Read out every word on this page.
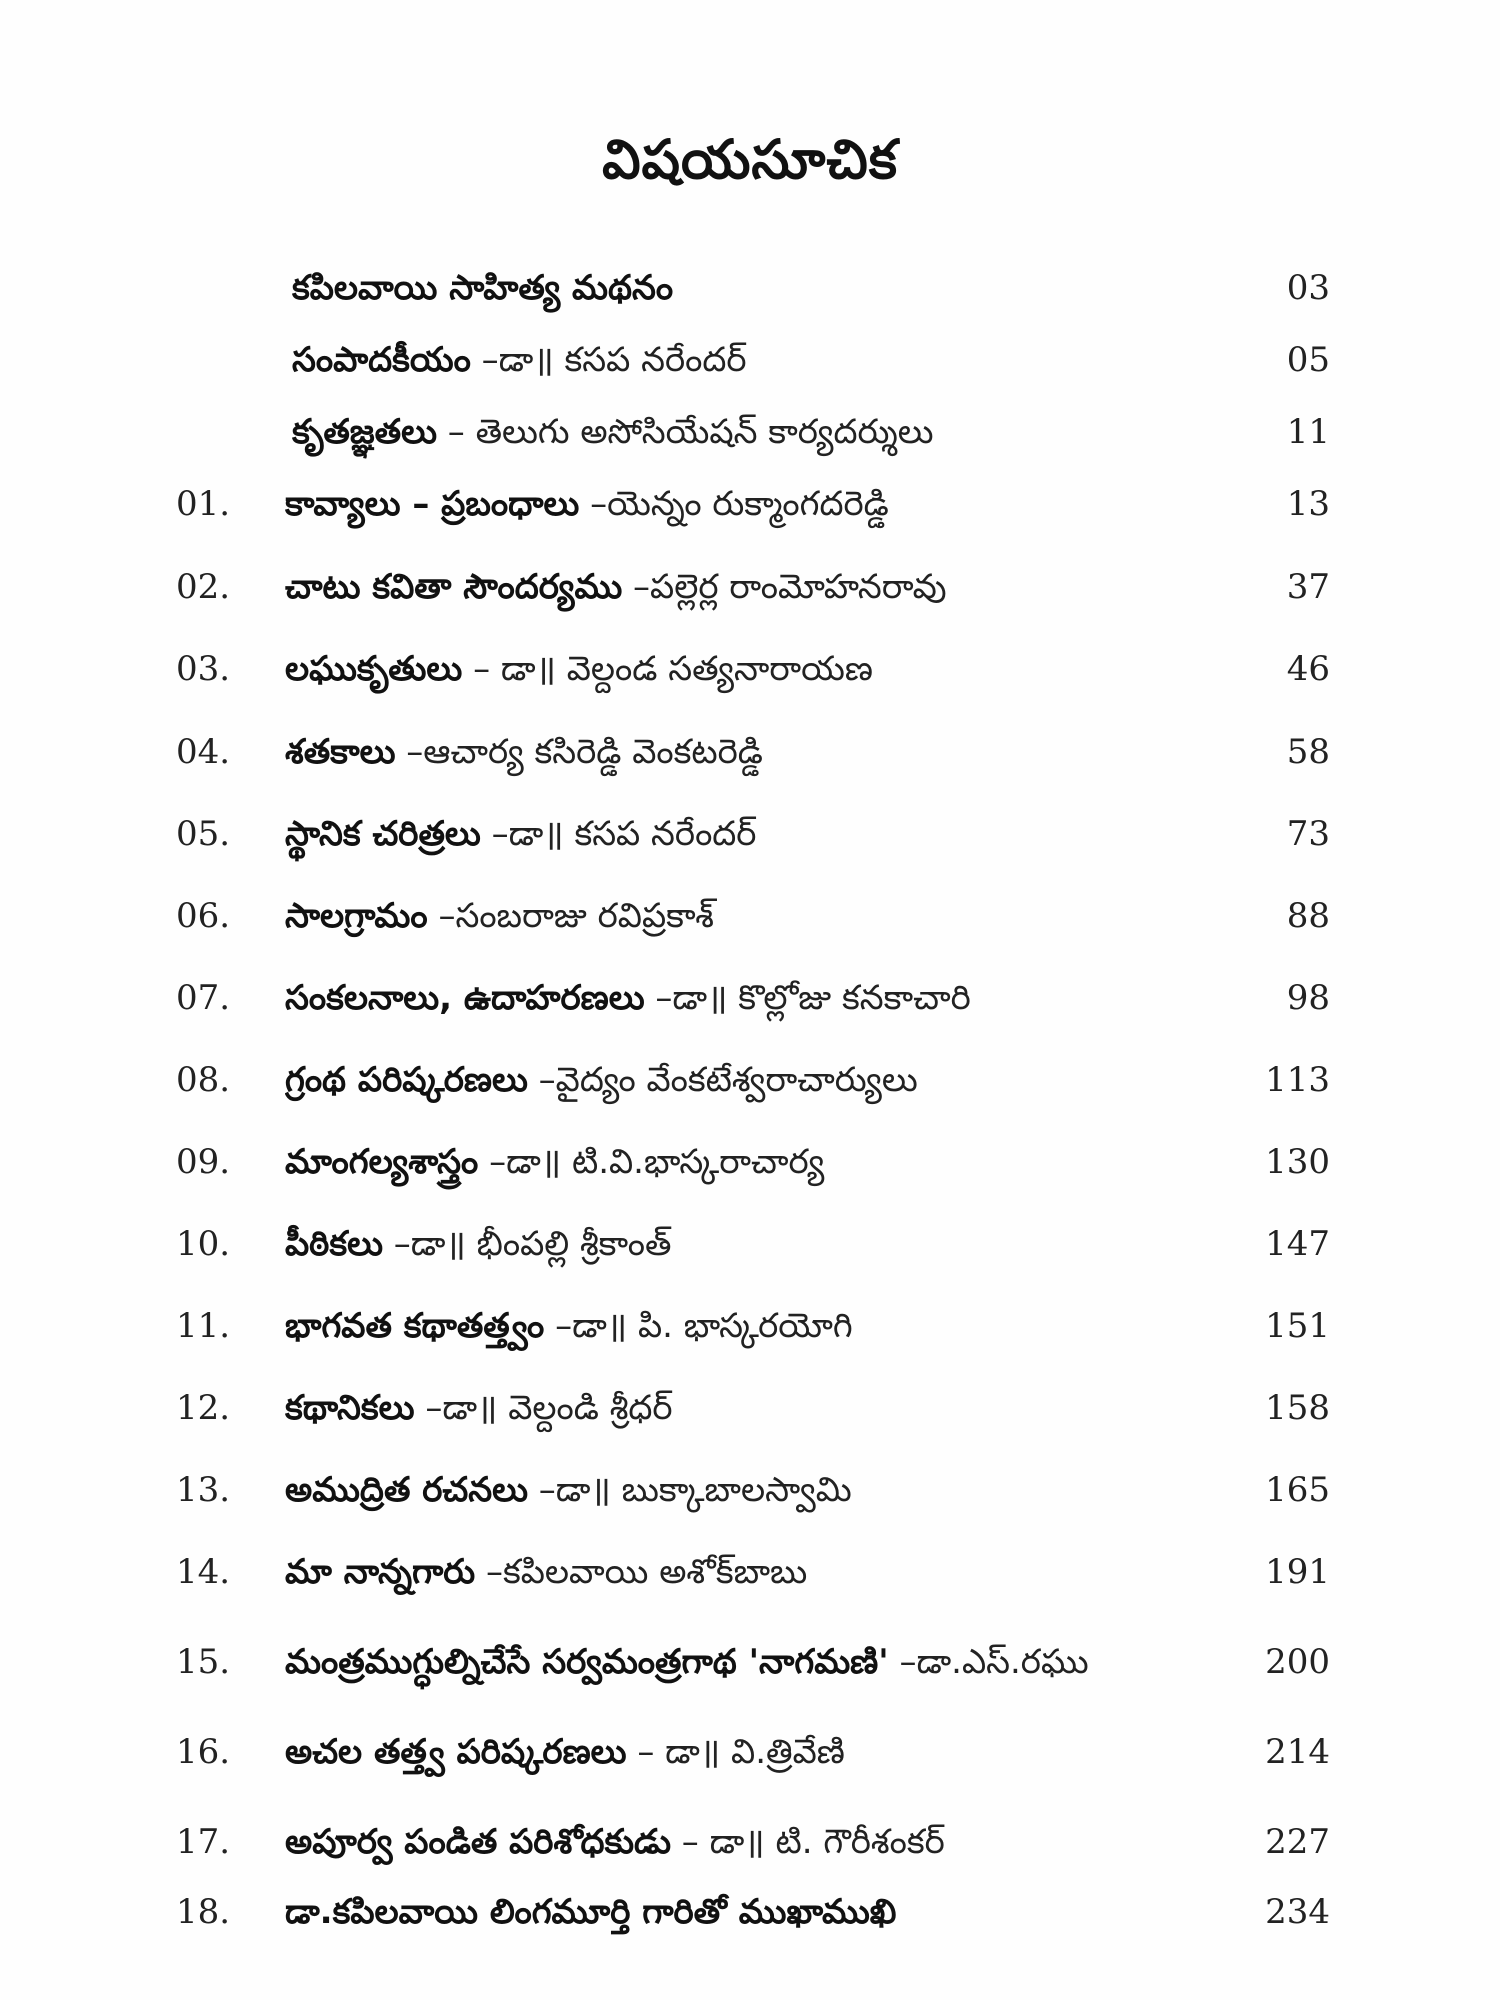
విషయసూచిక
కపిలవాయి సాహిత్య మథనం	03
సంపాదకీయం –డా॥ కసప నరేందర్	05
కృతజ్ఞతలు – తెలుగు అసోసియేషన్ కార్యదర్శులు	11
01.	కావ్యాలు – ప్రబంధాలు –యెన్నం రుక్మాంగదరెడ్డి	13
02.	చాటు కవితా సౌందర్యము –పల్లెర్ల రాంమోహనరావు	37
03.	లఘుకృతులు – డా॥ వెల్దండ సత్యనారాయణ	46
04.	శతకాలు –ఆచార్య కసిరెడ్డి వెంకటరెడ్డి	58
05.	స్థానిక చరిత్రలు –డా॥ కసప నరేందర్	73
06.	సాలగ్రామం –సంబరాజు రవిప్రకాశ్	88
07.	సంకలనాలు, ఉదాహరణలు –డా॥ కొల్లోజు కనకాచారి	98
08.	గ్రంథ పరిష్కరణలు –వైద్యం వేంకటేశ్వరాచార్యులు	113
09.	మాంగల్యశాస్త్రం –డా॥ టి.వి.భాస్కరాచార్య	130
10.	పీఠికలు –డా॥ భీంపల్లి శ్రీకాంత్	147
11.	భాగవత కథాతత్త్వం –డా॥ పి. భాస్కరయోగి	151
12.	కథానికలు –డా॥ వెల్దండి శ్రీధర్	158
13.	అముద్రిత రచనలు –డా॥ బుక్కాబాలస్వామి	165
14.	మా నాన్నగారు –కపిలవాయి అశోక్‌బాబు	191
15.	మంత్రముగ్ధుల్నిచేసే సర్వమంత్రగాథ 'నాగమణి' –డా.ఎస్.రఘు	200
16.	అచల తత్త్వ పరిష్కరణలు – డా॥ వి.త్రివేణి	214
17.	అపూర్వ పండిత పరిశోధకుడు – డా॥ టి. గౌరీశంకర్	227
18.	డా.కపిలవాయి లింగమూర్తి గారితో ముఖాముఖి	234
